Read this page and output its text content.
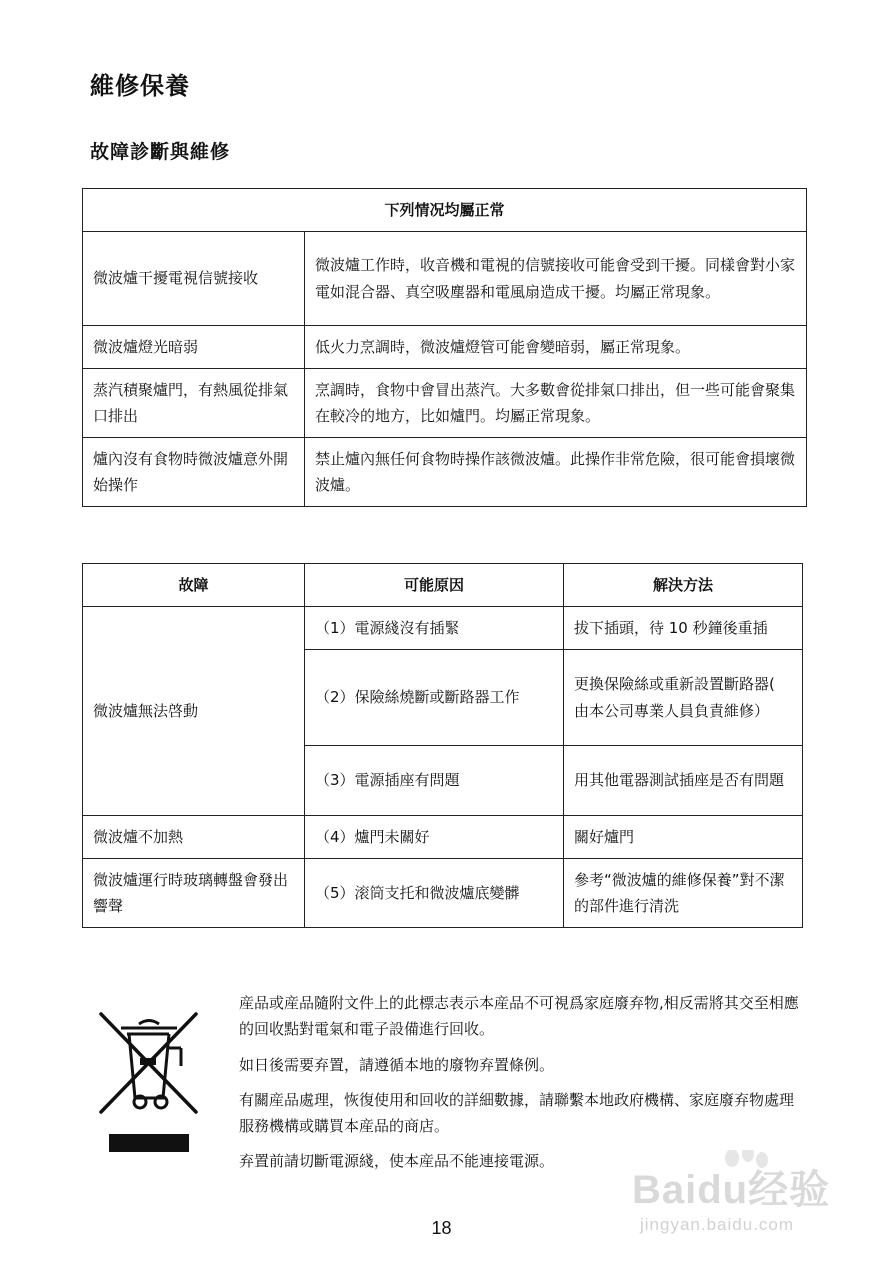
維修保養
故障診斷與維修
下列情况均屬正常	
微波爐干擾電視信號接收	微波爐工作時，收音機和電視的信號接收可能會受到干擾。同樣會對小家電如混合器、真空吸塵器和電風扇造成干擾。均屬正常現象。
微波爐燈光暗弱	低火力烹調時，微波爐燈管可能會變暗弱，屬正常現象。
蒸汽積聚爐門，有熱風從排氣口排出	烹調時，食物中會冒出蒸汽。大多數會從排氣口排出，但一些可能會聚集在較冷的地方，比如爐門。均屬正常現象。
爐內沒有食物時微波爐意外開始操作	禁止爐內無任何食物時操作該微波爐。此操作非常危險，很可能會損壞微波爐。
故障	可能原因	解決方法
微波爐無法啓動	（1）電源綫沒有插緊	拔下插頭，待 10 秒鐘後重插
	（2）保險絲燒斷或斷路器工作	更換保險絲或重新設置斷路器( 由本公司專業人員負責維修）
	（3）電源插座有問題	用其他電器測試插座是否有問題
微波爐不加熱	（4）爐門未關好	關好爐門
微波爐運行時玻璃轉盤會發出響聲	（5）滚筒支托和微波爐底變髒	參考“微波爐的維修保養”對不潔的部件進行清洗

産品或産品隨附文件上的此標志表示本産品不可視爲家庭廢弃物,相反需將其交至相應的回收點對電氣和電子設備進行回收。

如日後需要弃置，請遵循本地的廢物弃置條例。

有關産品處理，恢復使用和回收的詳細數據，請聯繫本地政府機構、家庭廢弃物處理服務機構或購買本産品的商店。

弃置前請切斷電源綫，使本産品不能連接電源。

Baidu经验
jingyan.baidu.com
18
